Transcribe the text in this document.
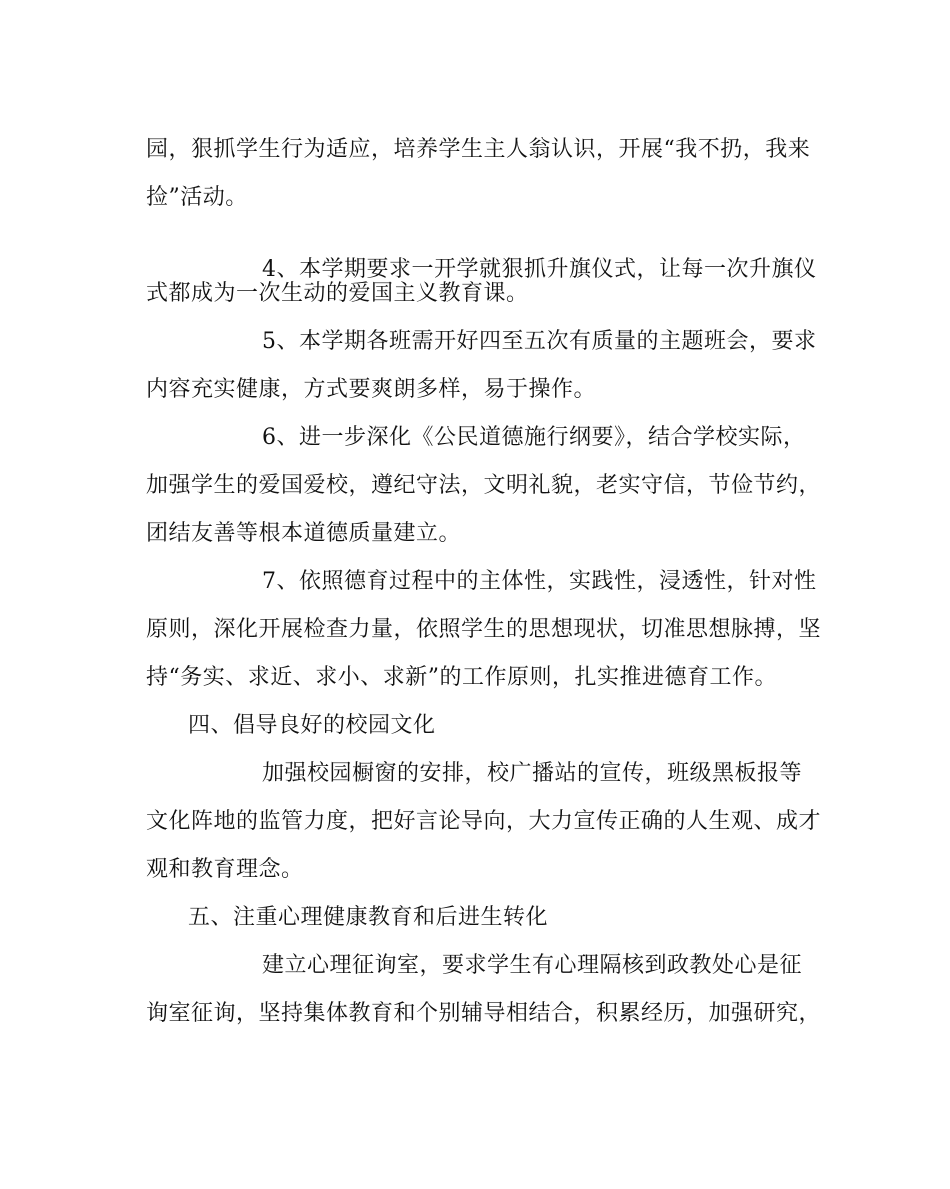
园，狠抓学生行为适应，培养学生主人翁认识，开展“我不扔，我来
捡”活动。
4、本学期要求一开学就狠抓升旗仪式，让每一次升旗仪
式都成为一次生动的爱国主义教育课。
5、本学期各班需开好四至五次有质量的主题班会，要求
内容充实健康，方式要爽朗多样，易于操作。
6、进一步深化《公民道德施行纲要》，结合学校实际，
加强学生的爱国爱校，遵纪守法，文明礼貌，老实守信，节俭节约，
团结友善等根本道德质量建立。
7、依照德育过程中的主体性，实践性，浸透性，针对性
原则，深化开展检查力量，依照学生的思想现状，切准思想脉搏，坚
持“务实、求近、求小、求新”的工作原则，扎实推进德育工作。
四、倡导良好的校园文化
加强校园橱窗的安排，校广播站的宣传，班级黑板报等
文化阵地的监管力度，把好言论导向，大力宣传正确的人生观、成才
观和教育理念。
五、注重心理健康教育和后进生转化
建立心理征询室，要求学生有心理隔核到政教处心是征
询室征询，坚持集体教育和个别辅导相结合，积累经历，加强研究，
